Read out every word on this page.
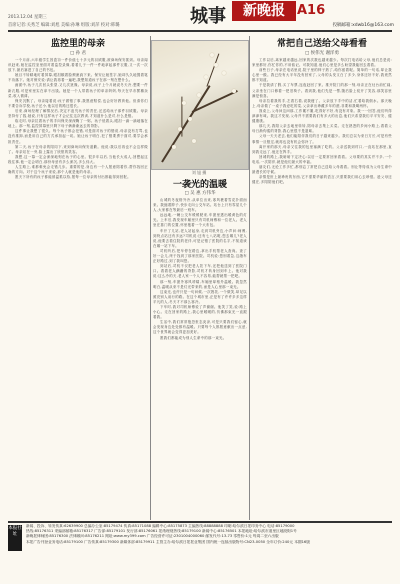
2013.12.04 星期三	城事	新晚报 A16
首席记者:关秀芝 编辑:刘旭 美编:孙琳 组版:刘萍 校对:韩璐	投稿邮箱:xdwb16@163.com
监控里的母亲
□ 孙 君

一个月前,六年级学生因盗窃一件价值七十多元的羽绒服,被商场保安抓到。母亲闻讯赶来,她在监控室里面对着监控录像,看着儿子一件一件地拿起那件衣服,又一次一次放下,最后塞进了自己的书包。

她目不转睛地盯着屏幕,眼泪顺着脸颊流淌下来。保安让她签字,她却久久地握着笔不肯落下。她对保安说:请让我再看一遍吧,我想知道孩子在那一刻在想什么。

画面中,孩子几次回头张望,又几次犹豫。母亲说,孩子上个月就说冬天冷,想要一件新衣服,可是家里实在拿不出钱。她是一个人带着孩子的单亲妈妈,每天在早市摆摊卖菜,收入微薄。

保安沉默了。母亲接着说:孩子做错了事,我愿意赔偿,也会好好教育他。但请你们不要告诉学校,孩子还小,他以后的路还很长。

后来,商场经理了解情况后,决定不追究孩子的责任,还送给孩子那件羽绒服。母亲坚持付了钱,她说,只有这样孩子才会记住这次教训,才知道什么是对,什么是错。

临走时,母亲拉着孩子的手向保安深深鞠了一躬。孩子低着头,眼泪一滴一滴地落在地上。那一刻,监控屏幕里只剩下母子俩渐渐远去的背影。

这件事让我想了很久。每个孩子都会犯错,可是面对孩子的错误,母亲没有打骂,也没有推卸,而是用自己的方式承担起一切。她让孩子明白,犯了错要勇于面对,要学会承担责任。

第二天,孩子在母亲的陪同下,来到商场向保安道歉。他说:我以后再也不会这样做了。母亲站在一旁,脸上露出了欣慰的笑容。

我想,这一幕一定会深深地刻在孩子的心里。很多年以后,当他长大成人,回想起这段往事,他一定会明白,那份母爱有多么深沉,多么伟大。

人生路上,谁都难免会走错几步。重要的是,身边有一个人愿意陪着你,帮你找回正确的方向。对于这个孩子来说,那个人就是他的母亲。

愿天下所有的孩子都能被温柔以待,愿每一位母亲的付出都能得到回报。

刘 旭 摄
一袭光的温暖
□ 吴 惠 方伟华

山城的冬夜格外冷,从单位出来,寒风裹着雪花扑面而来。我缩着脖子,快步走向公交车站。站台上只有零星几个人,大家都在等最后一班车。

远远地,一辆公交车缓缓驶来,车窗里透出暖黄色的灯光。上车后,我发现车厢里只有司机师傅和一位老人。老人坐在靠门的位置,怀里抱着一个大布包。

车开了几站,老人站起身,走到司机旁边,小声问:师傅,到终点站还有多远?司机说:还有七八站呢,您去哪儿?老人说,他要去看住院的老伴,可是记错了医院的名字,不知道该在哪一站下车。

司机听后,把车停在路边,拿出手机帮老人查询。查了好一会儿,终于找到了那家医院。司机说:您别着急,这趟车正好路过,到了我叫您。

到站后,司机不仅把老人扶下车,还把他送到了医院门口。看着老人蹒跚的背影,司机才转身回到车上。他对我说:这么冷的天,老人家一个人不容易,能帮就帮一把吧。

那一刻,车窗外寒风呼啸,车厢里却格外温暖。我忽然明白,温暖从来不是灯光带来的,而是人心里那一束光。

这束光,也许只是一句问候,一次搀扶,一个微笑,却足以照亮别人前行的路。在这个城市里,正是有了许许多多这样平凡的人,冬天才不那么寒冷。

下车时,我对司机师傅说了声谢谢。他笑了笑,说:路上小心。走在回家的路上,我心里暖暖的,仿佛那束光一直跟着我。

生活中,我们常常抱怨世态炎凉,可是只要我们留心,就会发现身边处处都有温暖。只要每个人都愿意献出一点爱,这个世界就会变得更加美好。

愿我们都能成为别人生命中的那一束光。

常把自己送给父母看看
□ 侯伟光 谢洋勇

工作以后,离家越来越远,回家的次数也越来越少。每次打电话给父母,他们总是说:家里都好,你忙你的,不用惦记。可我知道,他们心里是多么盼望我能回去看看。

前些日子,母亲在电话里说,院子里的柿子熟了,给你留着呢。简单的一句话,却让我心里一酸。我已经有大半年没有回家了,父母的头发又白了多少,身体还好不好,我竟然都不知道。

于是我请了假,买了车票,连夜赶回了家。推开院门的那一刻,母亲正在灶台前忙碌,父亲坐在门口修着一把旧椅子。看到我,他们先是一愣,随后脸上绽开了笑容,那笑容里满是惊喜。

母亲拉着我的手,左看右看,说我瘦了。父亲放下手中的活,忙着给我倒水。那天晚上,母亲做了一桌子我爱吃的菜,父亲拿出珍藏多年的酒,非要和我喝两杯。

饭桌上,父母问这问那,工作累不累,吃得好不好,有没有对象。我一一回答,他们听得津津有味。我这才发现,父母并不需要我们有多大的出息,他们只希望我们平平安安、健健康康。

那几天,我陪父亲去地里转转,陪母亲去集上买菜。走在熟悉的乡间小路上,看着父母日渐佝偻的背影,我心里很不是滋味。

父母一天天老去,他们能陪伴我们的日子越来越少。我们总以为来日方长,可是有些事情一旦错过,就再也没有机会弥补了。

离开家的那天,母亲又往我的包里塞满了吃的。父亲送我到村口,一直站在那里,直到我走远了,他还在挥手。

回城的路上,我暗暗下定决心:以后一定要常回家看看。父母要的其实并不多,一个电话,一次陪伴,就是他们最大的幸福。

朋友们,无论工作多忙,都别忘了常把自己送给父母看看。别让等待成为父母生命中最漫长的守候。

亲情是世上最珍贵的东西,它不需要华丽的语言,只需要我们用心去珍惜。趁父母还健在,多陪陪他们吧。

本报社址
新闻、投诉、转发传真:62639900 总编办公室:85179474 传真:85171088 编辑中心:85175873 主编热线:88888888 印刷:哈尔滨日报印务中心 电话:85179000
热线:85176311 采编部邮箱:85176317 广告部:85179101 发行部:85176061 报纸理财热线:85179100 新闻中心:85176501 本报地址:哈尔滨市道里区地段街1号
新晚报律师团:85176300 法律顾问:85176211 网址:www.my399.com 广告经营许可证:2301004000060 邮发代号:13-73 零售价:1元 每周二至六出版
本报广告刊登业务电话:85179100 广告传真:85179300 新媒体部:85179911 主管主办:哈尔滨日报报业集团 国内统一连续出版物号:CN23-0050 全年订价:240元 本期16版
